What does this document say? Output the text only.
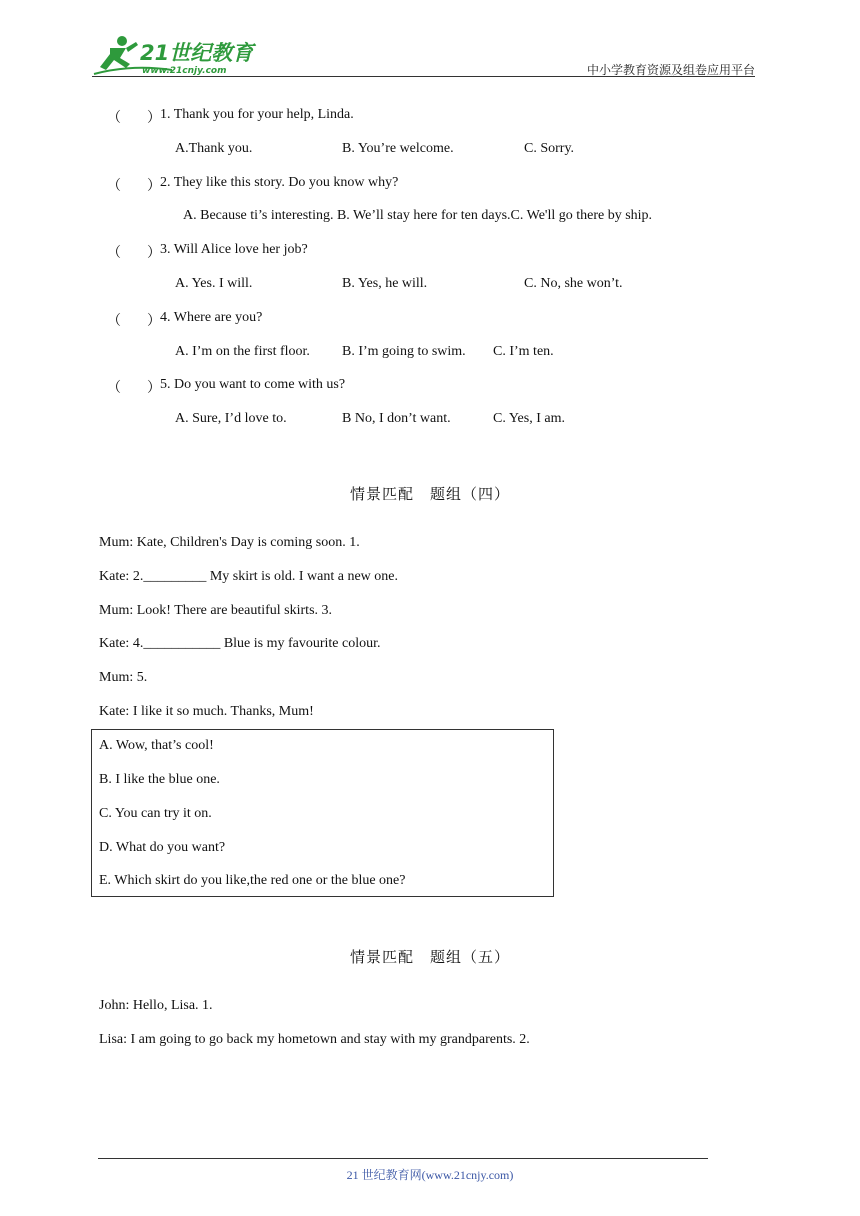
21世纪教育
www.21cnjy.com	中小学教育资源及组卷应用平台
（ ） 1. Thank you for your help, Linda.
A.Thank you.	B. You’re welcome.	C. Sorry.
（ ） 2. They like this story. Do you know why?
A. Because ti’s interesting. B. We’ll stay here for ten days.C. We'll go there by ship.
（ ） 3. Will Alice love her job?
A. Yes. I will.	B. Yes, he will.	C. No, she won’t.
（ ） 4. Where are you?
A. I’m on the first floor. B. I’m going to swim. C. I’m ten.
（ ） 5. Do you want to come with us?
A. Sure, I’d love to.	B No, I don’t want.	C. Yes, I am.
情景匹配　题组（四）
Mum: Kate, Children's Day is coming soon. 1.
Kate: 2._________ My skirt is old. I want a new one.
Mum: Look! There are beautiful skirts. 3.
Kate: 4.___________ Blue is my favourite colour.
Mum: 5.
Kate: I like it so much. Thanks, Mum!
A. Wow, that’s cool!
B. I like the blue one.
C. You can try it on.
D. What do you want?
E. Which skirt do you like,the red one or the blue one?
情景匹配　题组（五）
John: Hello, Lisa. 1.
Lisa: I am going to go back my hometown and stay with my grandparents. 2.
21 世纪教育网(www.21cnjy.com)
